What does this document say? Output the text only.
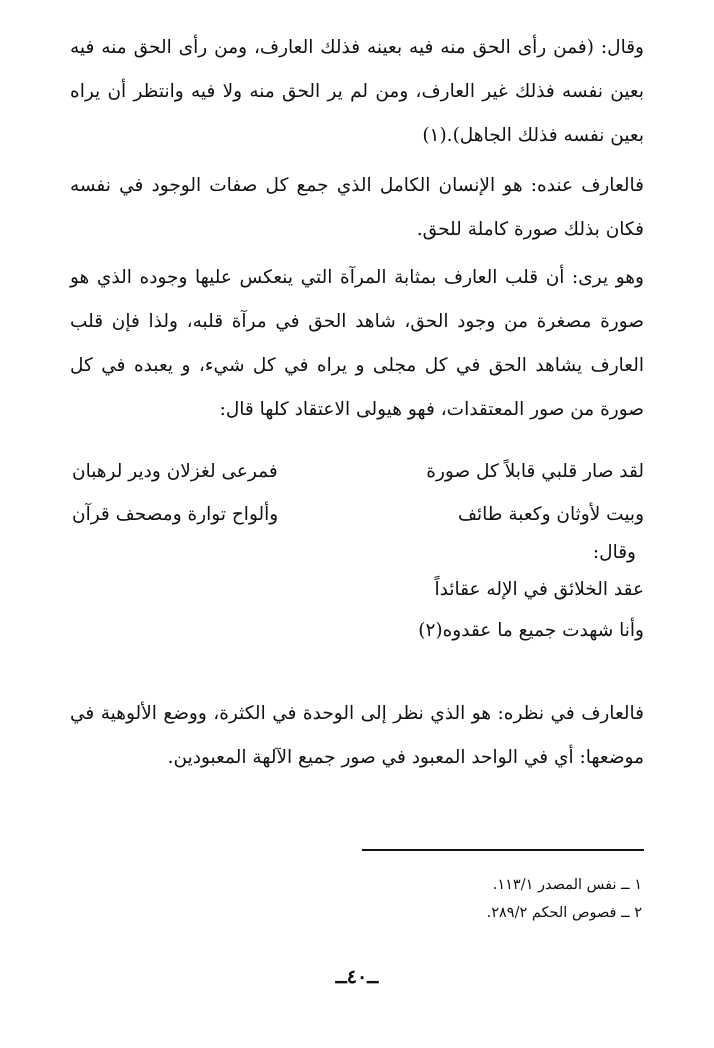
وقال: (فمن رأى الحق منه فيه بعينه فذلك العارف، ومن رأى الحق منه فيه بعين نفسه فذلك غير العارف، ومن لم ير الحق منه ولا فيه وانتظر أن يراه بعين نفسه فذلك الجاهل).(١)

فالعارف عنده: هو الإنسان الكامل الذي جمع كل صفات الوجود في نفسه فكان بذلك صورة كاملة للحق.

وهو يرى: أن قلب العارف بمثابة المرآة التي ينعكس عليها وجوده الذي هو صورة مصغرة من وجود الحق، شاهد الحق في مرآة قلبه، ولذا فإن قلب العارف يشاهد الحق في كل مجلى و يراه في كل شيء، و يعبده في كل صورة من صور المعتقدات، فهو هيولى الاعتقاد كلها قال:

لقد صار قلبي قابلاً كل صورة

فمرعى لغزلان ودير لرهبان

وبيت لأوثان وكعبة طائف

وألواح توارة ومصحف قرآن

وقال:

عقد الخلائق في الإله عقائداً

وأنا شهدت جميع ما عقدوه(٢)

فالعارف في نظره: هو الذي نظر إلى الوحدة في الكثرة، ووضع الألوهية في موضعها: أي في الواحد المعبود في صور جميع الآلهة المعبودين.

١ ــ نفس المصدر ١١٣/١.

٢ ــ فصوص الحكم ٢٨٩/٢.

ــ٤٠ــ
